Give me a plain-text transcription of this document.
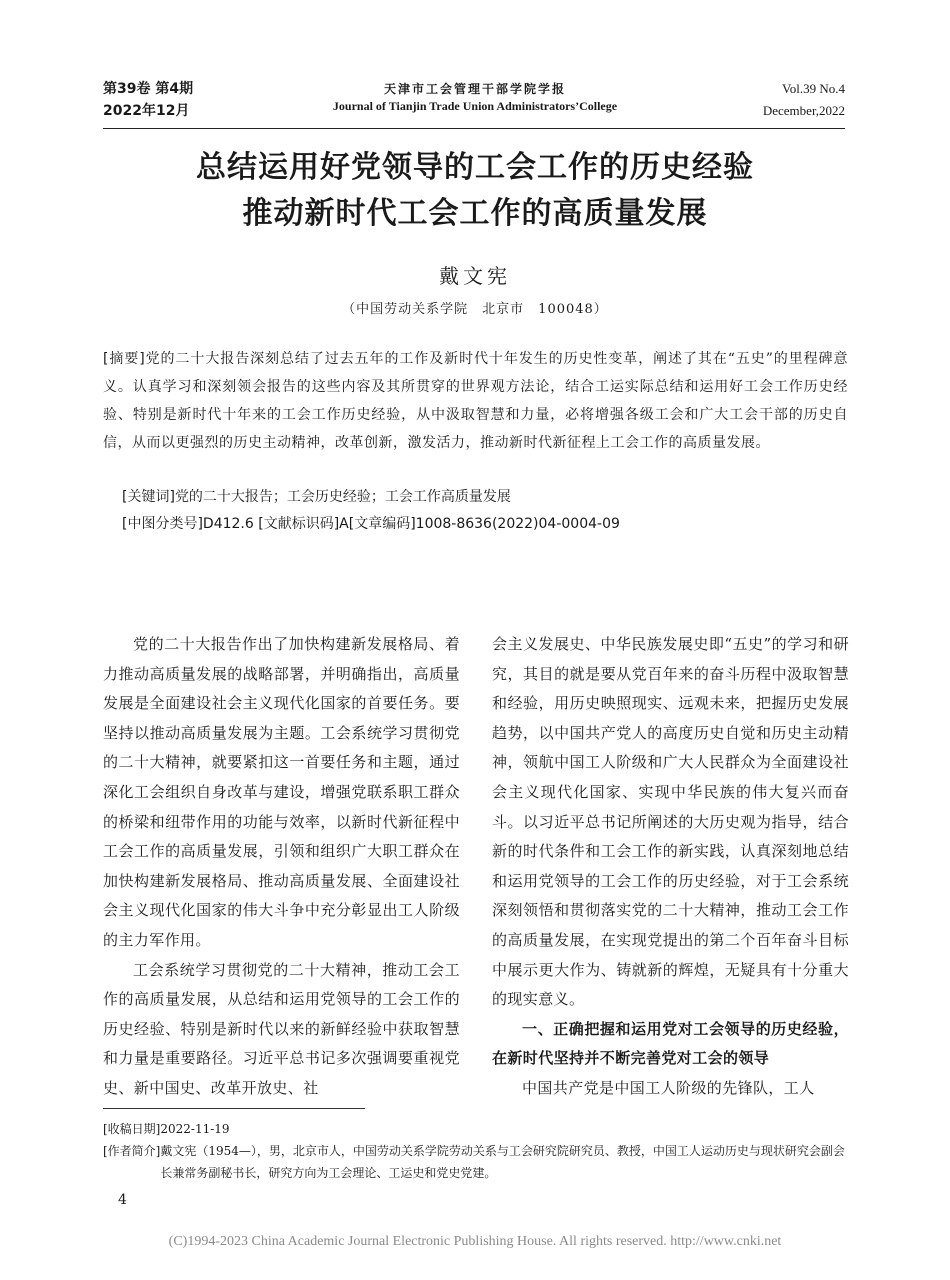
第39卷 第4期
2022年12月
天津市工会管理干部学院学报
Journal of Tianjin Trade Union Administrators’College
Vol.39 No.4
December,2022
总结运用好党领导的工会工作的历史经验
推动新时代工会工作的高质量发展
戴文宪
（中国劳动关系学院　北京市　100048）
[摘要]党的二十大报告深刻总结了过去五年的工作及新时代十年发生的历史性变革，阐述了其在“五史”的里程碑意义。认真学习和深刻领会报告的这些内容及其所贯穿的世界观方法论，结合工运实际总结和运用好工会工作历史经验、特别是新时代十年来的工会工作历史经验，从中汲取智慧和力量，必将增强各级工会和广大工会干部的历史自信，从而以更强烈的历史主动精神，改革创新，激发活力，推动新时代新征程上工会工作的高质量发展。
[关键词]党的二十大报告；工会历史经验；工会工作高质量发展
[中图分类号]D412.6 [文献标识码]A[文章编码]1008-8636(2022)04-0004-09

党的二十大报告作出了加快构建新发展格局、着力推动高质量发展的战略部署，并明确指出，高质量发展是全面建设社会主义现代化国家的首要任务。要坚持以推动高质量发展为主题。工会系统学习贯彻党的二十大精神，就要紧扣这一首要任务和主题，通过深化工会组织自身改革与建设，增强党联系职工群众的桥梁和纽带作用的功能与效率，以新时代新征程中工会工作的高质量发展，引领和组织广大职工群众在加快构建新发展格局、推动高质量发展、全面建设社会主义现代化国家的伟大斗争中充分彰显出工人阶级的主力军作用。

工会系统学习贯彻党的二十大精神，推动工会工作的高质量发展，从总结和运用党领导的工会工作的历史经验、特别是新时代以来的新鲜经验中获取智慧和力量是重要路径。习近平总书记多次强调要重视党史、新中国史、改革开放史、社

会主义发展史、中华民族发展史即“五史”的学习和研究，其目的就是要从党百年来的奋斗历程中汲取智慧和经验，用历史映照现实、远观未来，把握历史发展趋势，以中国共产党人的高度历史自觉和历史主动精神，领航中国工人阶级和广大人民群众为全面建设社会主义现代化国家、实现中华民族的伟大复兴而奋斗。以习近平总书记所阐述的大历史观为指导，结合新的时代条件和工会工作的新实践，认真深刻地总结和运用党领导的工会工作的历史经验，对于工会系统深刻领悟和贯彻落实党的二十大精神，推动工会工作的高质量发展，在实现党提出的第二个百年奋斗目标中展示更大作为、铸就新的辉煌，无疑具有十分重大的现实意义。

一、正确把握和运用党对工会领导的历史经验，在新时代坚持并不断完善党对工会的领导

中国共产党是中国工人阶级的先锋队，工人

[收稿日期] 2022-11-19
[作者简介] 戴文宪（1954—），男，北京市人，中国劳动关系学院劳动关系与工会研究院研究员、教授，中国工人运动历史与现状研究会副会长兼常务副秘书长，研究方向为工会理论、工运史和党史党建。
4
(C)1994-2023 China Academic Journal Electronic Publishing House. All rights reserved. http://www.cnki.net
